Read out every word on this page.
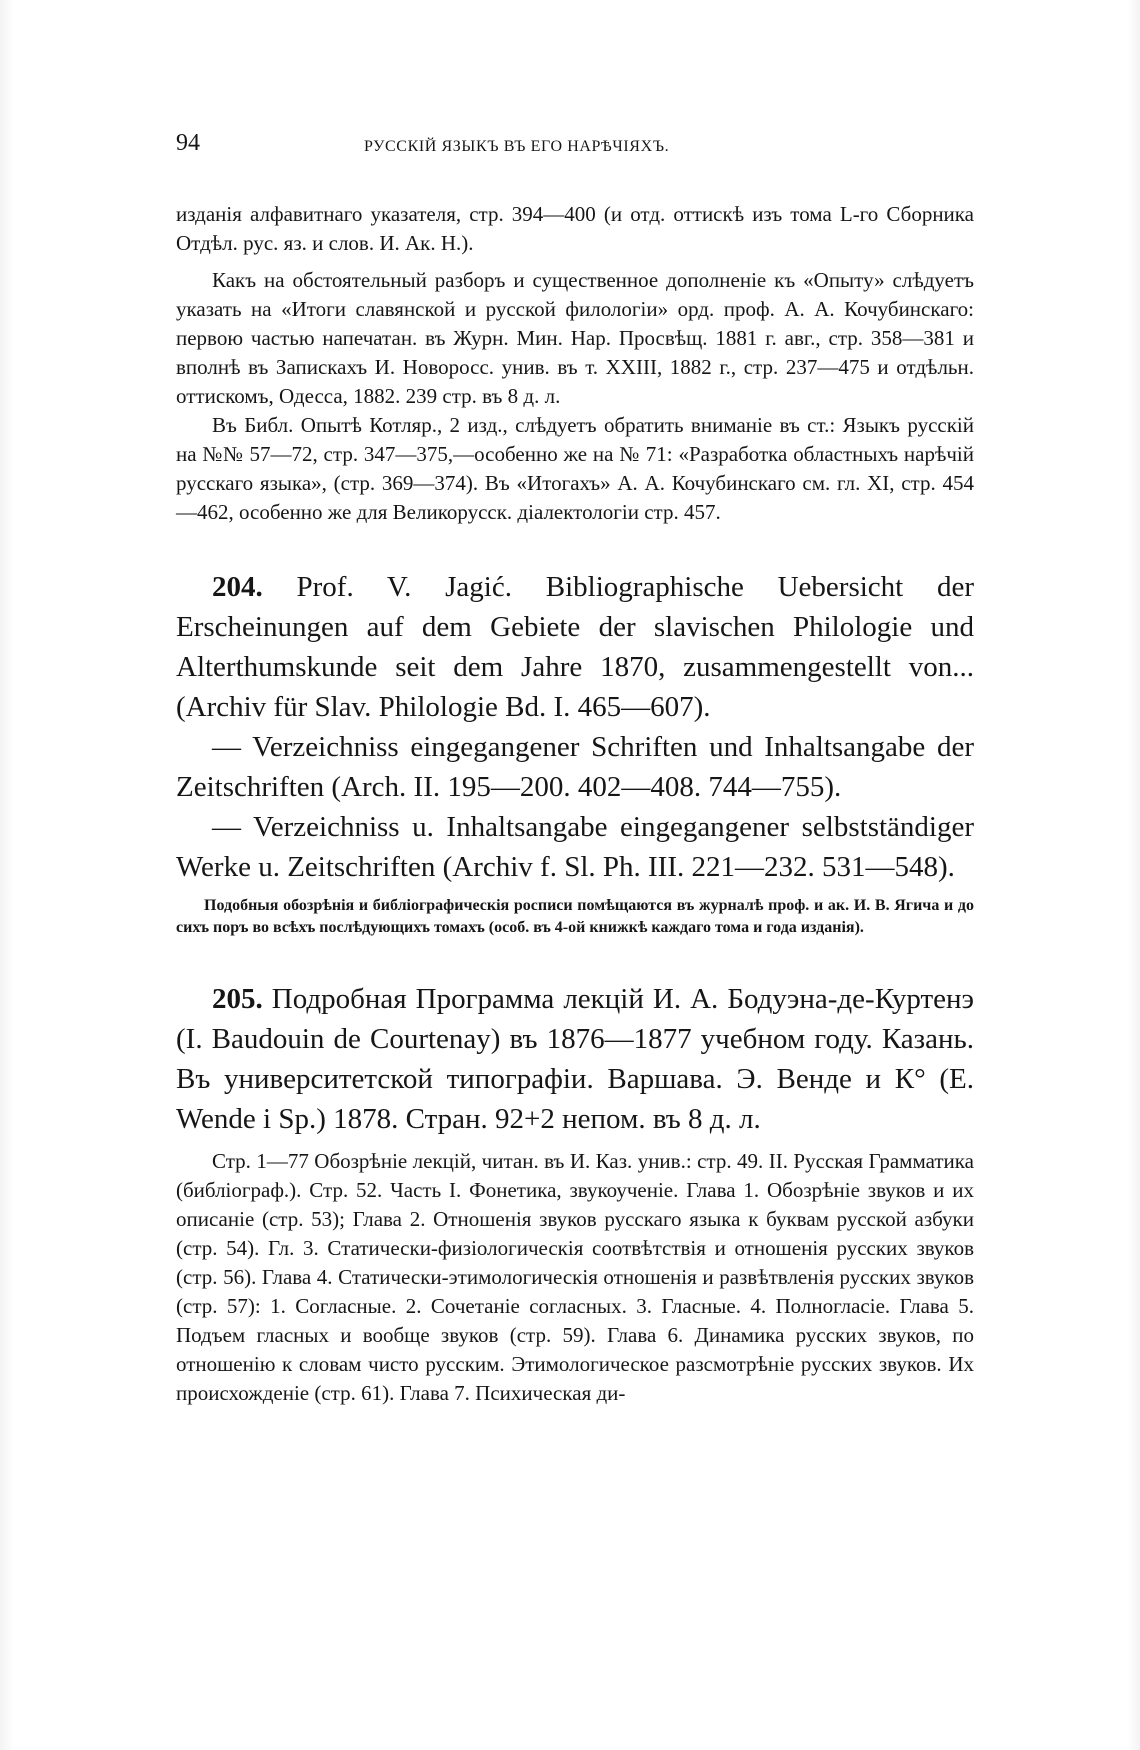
94	РУССКІЙ ЯЗЫКЪ ВЪ ЕГО НАРѢЧІЯХЪ.

изданія алфавитнаго указателя, стр. 394—400 (и отд. оттискѣ изъ тома L-го Сборника Отдѣл. рус. яз. и слов. И. Ак. Н.).

Какъ на обстоятельный разборъ и существенное дополненіе къ «Опыту» слѣдуетъ указать на «Итоги славянской и русской филологіи» орд. проф. А. А. Кочубинскаго: первою частью напечатан. въ Журн. Мин. Нар. Просвѣщ. 1881 г. авг., стр. 358—381 и вполнѣ въ Запискахъ И. Новоросс. унив. въ т. XXIII, 1882 г., стр. 237—475 и отдѣльн. оттискомъ, Одесса, 1882. 239 стр. въ 8 д. л.

Въ Библ. Опытѣ Котляр., 2 изд., слѣдуетъ обратить вниманіе въ ст.: Языкъ русскій на №№ 57—72, стр. 347—375,—особенно же на № 71: «Разработка областныхъ нарѣчій русскаго языка», (стр. 369—374). Въ «Итогахъ» А. А. Кочубинскаго см. гл. XI, стр. 454—462, особенно же для Великорусск. діалектологіи стр. 457.

204. Prof. V. Jagić. Bibliographische Uebersicht der Erscheinungen auf dem Gebiete der slavischen Philologie und Alterthumskunde seit dem Jahre 1870, zusammengestellt von... (Archiv für Slav. Philologie Bd. I. 465—607).

— Verzeichniss eingegangener Schriften und Inhaltsangabe der Zeitschriften (Arch. II. 195—200. 402—408. 744—755).

— Verzeichniss u. Inhaltsangabe eingegangener selbstständiger Werke u. Zeitschriften (Archiv f. Sl. Ph. III. 221—232. 531—548).

Подобныя обозрѣнія и библіографическія росписи помѣщаются въ журналѣ проф. и ак. И. В. Ягича и до сихъ поръ во всѣхъ послѣдующихъ томахъ (особ. въ 4-ой книжкѣ каждаго тома и года изданія).

205. Подробная Программа лекцій И. А. Бодуэна-де-Куртенэ (I. Baudouin de Courtenay) въ 1876—1877 учебном году. Казань. Въ университетской типографіи. Варшава. Э. Венде и К° (E. Wende i Sp.) 1878. Стран. 92+2 непом. въ 8 д. л.

Стр. 1—77 Обозрѣніе лекцій, читан. въ И. Каз. унив.: стр. 49. II. Русская Грамматика (библіограф.). Стр. 52. Часть I. Фонетика, звукоученіе. Глава 1. Обозрѣніе звуков и их описаніе (стр. 53); Глава 2. Отношенія звуков русскаго языка к буквам русской азбуки (стр. 54). Гл. 3. Статически-физіологическія соотвѣтствія и отношенія русских звуков (стр. 56). Глава 4. Статически-этимологическія отношенія и развѣтвленія русских звуков (стр. 57): 1. Согласные. 2. Сочетаніе согласных. 3. Гласные. 4. Полногласіе. Глава 5. Подъем гласных и вообще звуков (стр. 59). Глава 6. Динамика русских звуков, по отношенію к словам чисто русским. Этимологическое разсмотрѣніе русских звуков. Их происхожденіе (стр. 61). Глава 7. Психическая ди-
